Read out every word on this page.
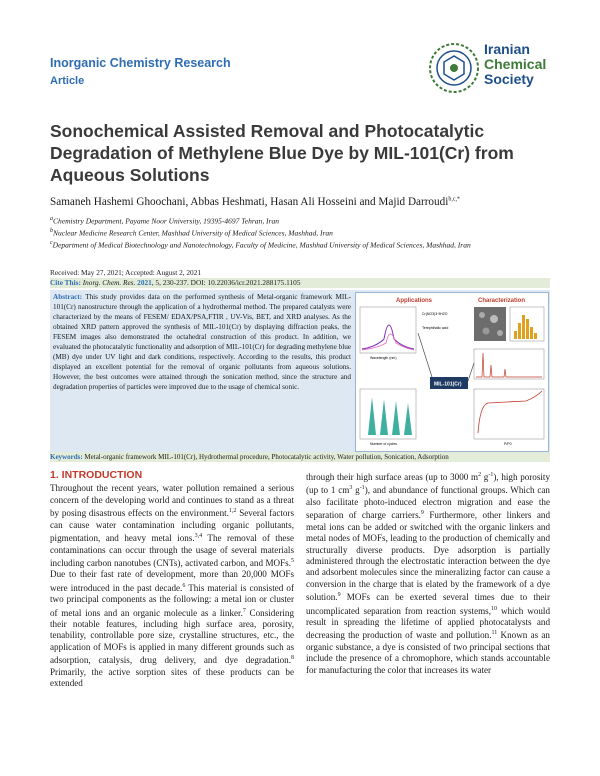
Inorganic Chemistry Research
Article
Iranian
Chemical
Society
Sonochemical Assisted Removal and Photocatalytic Degradation of Methylene Blue Dye by MIL-101(Cr) from Aqueous Solutions
Samaneh Hashemi Ghoochani, Abbas Heshmati, Hasan Ali Hosseini and Majid Darroudi$^{b,c,*}$
$^a$Chemistry Department, Payame Noor University, 19395-4697 Tehran, Iran
$^b$Nuclear Medicine Research Center, Mashhad University of Medical Sciences, Mashhad, Iran
$^c$Department of Medical Biotechnology and Nanotechnology, Faculty of Medicine, Mashhad University of Medical Sciences, Mashhad, Iran
Received: May 27, 2021; Accepted: August 2, 2021
Cite This: Inorg. Chem. Res. 2021, 5, 230-237. DOI: 10.22036/icr.2021.288175.1105
Abstract: This study provides data on the performed synthesis of Metal-organic framework MIL-101(Cr) nanostructure through the application of a hydrothermal method. The prepared catalysts were characterized by the means of FESEM/ EDAX/PSA,FTIR , UV-Vis, BET, and XRD analyses. As the obtained XRD pattern approved the synthesis of MIL-101(Cr) by displaying diffraction peaks, the FESEM images also demonstrated the octahedral construction of this product. In addition, we evaluated the photocatalytic functionality and adsorption of MIL-101(Cr) for degrading methylene blue (MB) dye under UV light and dark conditions, respectively. According to the results, this product displayed an excellent potential for the removal of organic pollutants from aqueous solutions. However, the best outcomes were attained through the sonication method, since the structure and degradation properties of particles were improved due to the usage of chemical sonic.
Applications	Characterization
Wavelength (nm)
Cr(NO3)3·9H2O
Terephthalic acid
MIL-101(Cr)
Number of cycles	P/P0
Keywords: Metal-organic framework MIL-101(Cr), Hydrothermal procedure, Photocatalytic activity, Water pollution, Sonication, Adsorption
1. INTRODUCTION
Throughout the recent years, water pollution remained a serious concern of the developing world and continues to stand as a threat by posing disastrous effects on the environment.$^{1,2}$ Several factors can cause water contamination including organic pollutants, pigmentation, and heavy metal ions.$^{3,4}$ The removal of these contaminations can occur through the usage of several materials including carbon nanotubes (CNTs), activated carbon, and MOFs.$^5$ Due to their fast rate of development, more than 20,000 MOFs were introduced in the past decade.$^6$ This material is consisted of two principal components as the following: a metal ion or cluster of metal ions and an organic molecule as a linker.$^7$ Considering their notable features, including high surface area, porosity, tenability, controllable pore size, crystalline structures, etc., the application of MOFs is applied in many different grounds such as adsorption, catalysis, drug delivery, and dye degradation.$^8$ Primarily, the active sorption sites of these products can be extended
through their high surface areas (up to 3000 $m^2$ $g^{-1}$), high porosity (up to 1 $cm^3$ $g^{-1}$), and abundance of functional groups. Which can also facilitate photo-induced electron migration and ease the separation of charge carriers.$^9$ Furthermore, other linkers and metal ions can be added or switched with the organic linkers and metal nodes of MOFs, leading to the production of chemically and structurally diverse products. Dye adsorption is partially administered through the electrostatic interaction between the dye and adsorbent molecules since the mineralizing factor can cause a conversion in the charge that is elated by the framework of a dye solution.$^9$ MOFs can be exerted several times due to their uncomplicated separation from reaction systems,$^{10}$ which would result in spreading the lifetime of applied photocatalysts and decreasing the production of waste and pollution.$^{11}$ Known as an organic substance, a dye is consisted of two principal sections that include the presence of a chromophore, which stands accountable for manufacturing the color that increases its water
